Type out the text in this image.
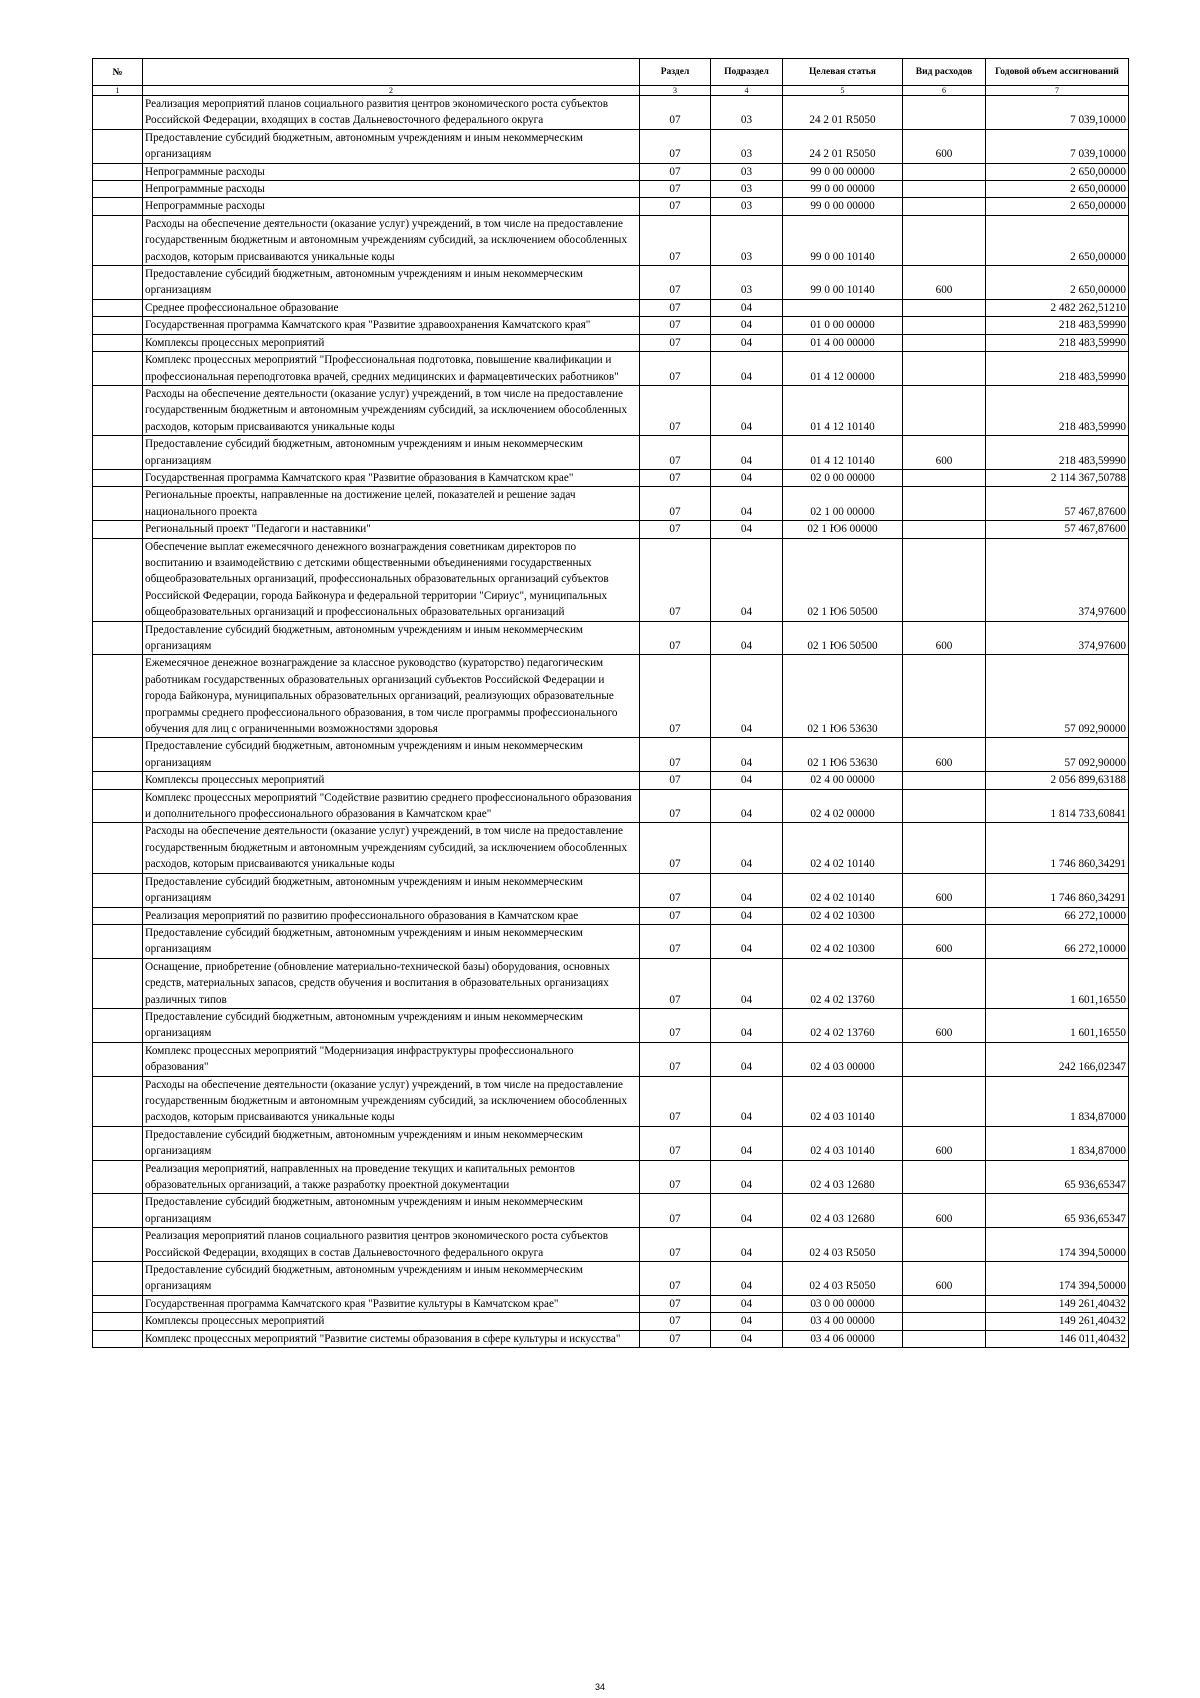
№		Раздел	Подраздел	Целевая статья	Вид расходов	Годовой объем ассигнований
1	2	3	4	5	6	7
	Реализация мероприятий планов социального развития центров экономического роста субъектов Российской Федерации, входящих в состав Дальневосточного федерального округа	07	03	24 2 01 R5050		7 039,10000
	Предоставление субсидий бюджетным, автономным учреждениям и иным некоммерческим организациям	07	03	24 2 01 R5050	600	7 039,10000
	Непрограммные расходы	07	03	99 0 00 00000		2 650,00000
	Непрограммные расходы	07	03	99 0 00 00000		2 650,00000
	Непрограммные расходы	07	03	99 0 00 00000		2 650,00000
	Расходы на обеспечение деятельности (оказание услуг) учреждений, в том числе на предоставление государственным бюджетным и автономным учреждениям субсидий, за исключением обособленных расходов, которым присваиваются уникальные коды	07	03	99 0 00 10140		2 650,00000
	Предоставление субсидий бюджетным, автономным учреждениям и иным некоммерческим организациям	07	03	99 0 00 10140	600	2 650,00000
	Среднее профессиональное образование	07	04			2 482 262,51210
	Государственная программа Камчатского края "Развитие здравоохранения Камчатского края"	07	04	01 0 00 00000		218 483,59990
	Комплексы процессных мероприятий	07	04	01 4 00 00000		218 483,59990
	Комплекс процессных мероприятий "Профессиональная подготовка, повышение квалификации и профессиональная переподготовка врачей, средних медицинских и фармацевтических работников"	07	04	01 4 12 00000		218 483,59990
	Расходы на обеспечение деятельности (оказание услуг) учреждений, в том числе на предоставление государственным бюджетным и автономным учреждениям субсидий, за исключением обособленных расходов, которым присваиваются уникальные коды	07	04	01 4 12 10140		218 483,59990
	Предоставление субсидий бюджетным, автономным учреждениям и иным некоммерческим организациям	07	04	01 4 12 10140	600	218 483,59990
	Государственная программа Камчатского края "Развитие образования в Камчатском крае"	07	04	02 0 00 00000		2 114 367,50788
	Региональные проекты, направленные на достижение целей, показателей и решение задач национального проекта	07	04	02 1 00 00000		57 467,87600
	Региональный проект "Педагоги и наставники"	07	04	02 1 Ю6 00000		57 467,87600
	Обеспечение выплат ежемесячного денежного вознаграждения советникам директоров по воспитанию и взаимодействию с детскими общественными объединениями государственных общеобразовательных организаций, профессиональных образовательных организаций субъектов Российской Федерации, города Байконура и федеральной территории "Сириус", муниципальных общеобразовательных организаций и профессиональных образовательных организаций	07	04	02 1 Ю6 50500		374,97600
	Предоставление субсидий бюджетным, автономным учреждениям и иным некоммерческим организациям	07	04	02 1 Ю6 50500	600	374,97600
	Ежемесячное денежное вознаграждение за классное руководство (кураторство) педагогическим работникам государственных образовательных организаций субъектов Российской Федерации и города Байконура, муниципальных образовательных организаций, реализующих образовательные программы среднего профессионального образования, в том числе программы профессионального обучения для лиц с ограниченными возможностями здоровья	07	04	02 1 Ю6 53630		57 092,90000
	Предоставление субсидий бюджетным, автономным учреждениям и иным некоммерческим организациям	07	04	02 1 Ю6 53630	600	57 092,90000
	Комплексы процессных мероприятий	07	04	02 4 00 00000		2 056 899,63188
	Комплекс процессных мероприятий "Содействие развитию среднего профессионального образования и дополнительного профессионального образования в Камчатском крае"	07	04	02 4 02 00000		1 814 733,60841
	Расходы на обеспечение деятельности (оказание услуг) учреждений, в том числе на предоставление государственным бюджетным и автономным учреждениям субсидий, за исключением обособленных расходов, которым присваиваются уникальные коды	07	04	02 4 02 10140		1 746 860,34291
	Предоставление субсидий бюджетным, автономным учреждениям и иным некоммерческим организациям	07	04	02 4 02 10140	600	1 746 860,34291
	Реализация мероприятий по развитию профессионального образования в Камчатском крае	07	04	02 4 02 10300		66 272,10000
	Предоставление субсидий бюджетным, автономным учреждениям и иным некоммерческим организациям	07	04	02 4 02 10300	600	66 272,10000
	Оснащение, приобретение (обновление материально-технической базы) оборудования, основных средств, материальных запасов, средств обучения и воспитания в образовательных организациях различных типов	07	04	02 4 02 13760		1 601,16550
	Предоставление субсидий бюджетным, автономным учреждениям и иным некоммерческим организациям	07	04	02 4 02 13760	600	1 601,16550
	Комплекс процессных мероприятий "Модернизация инфраструктуры профессионального образования"	07	04	02 4 03 00000		242 166,02347
	Расходы на обеспечение деятельности (оказание услуг) учреждений, в том числе на предоставление государственным бюджетным и автономным учреждениям субсидий, за исключением обособленных расходов, которым присваиваются уникальные коды	07	04	02 4 03 10140		1 834,87000
	Предоставление субсидий бюджетным, автономным учреждениям и иным некоммерческим организациям	07	04	02 4 03 10140	600	1 834,87000
	Реализация мероприятий, направленных на проведение текущих и капитальных ремонтов образовательных организаций, а также разработку проектной документации	07	04	02 4 03 12680		65 936,65347
	Предоставление субсидий бюджетным, автономным учреждениям и иным некоммерческим организациям	07	04	02 4 03 12680	600	65 936,65347
	Реализация мероприятий планов социального развития центров экономического роста субъектов Российской Федерации, входящих в состав Дальневосточного федерального округа	07	04	02 4 03 R5050		174 394,50000
	Предоставление субсидий бюджетным, автономным учреждениям и иным некоммерческим организациям	07	04	02 4 03 R5050	600	174 394,50000
	Государственная программа Камчатского края "Развитие культуры в Камчатском крае"	07	04	03 0 00 00000		149 261,40432
	Комплексы процессных мероприятий	07	04	03 4 00 00000		149 261,40432
	Комплекс процессных мероприятий "Развитие системы образования в сфере культуры и искусства"	07	04	03 4 06 00000		146 011,40432
34
